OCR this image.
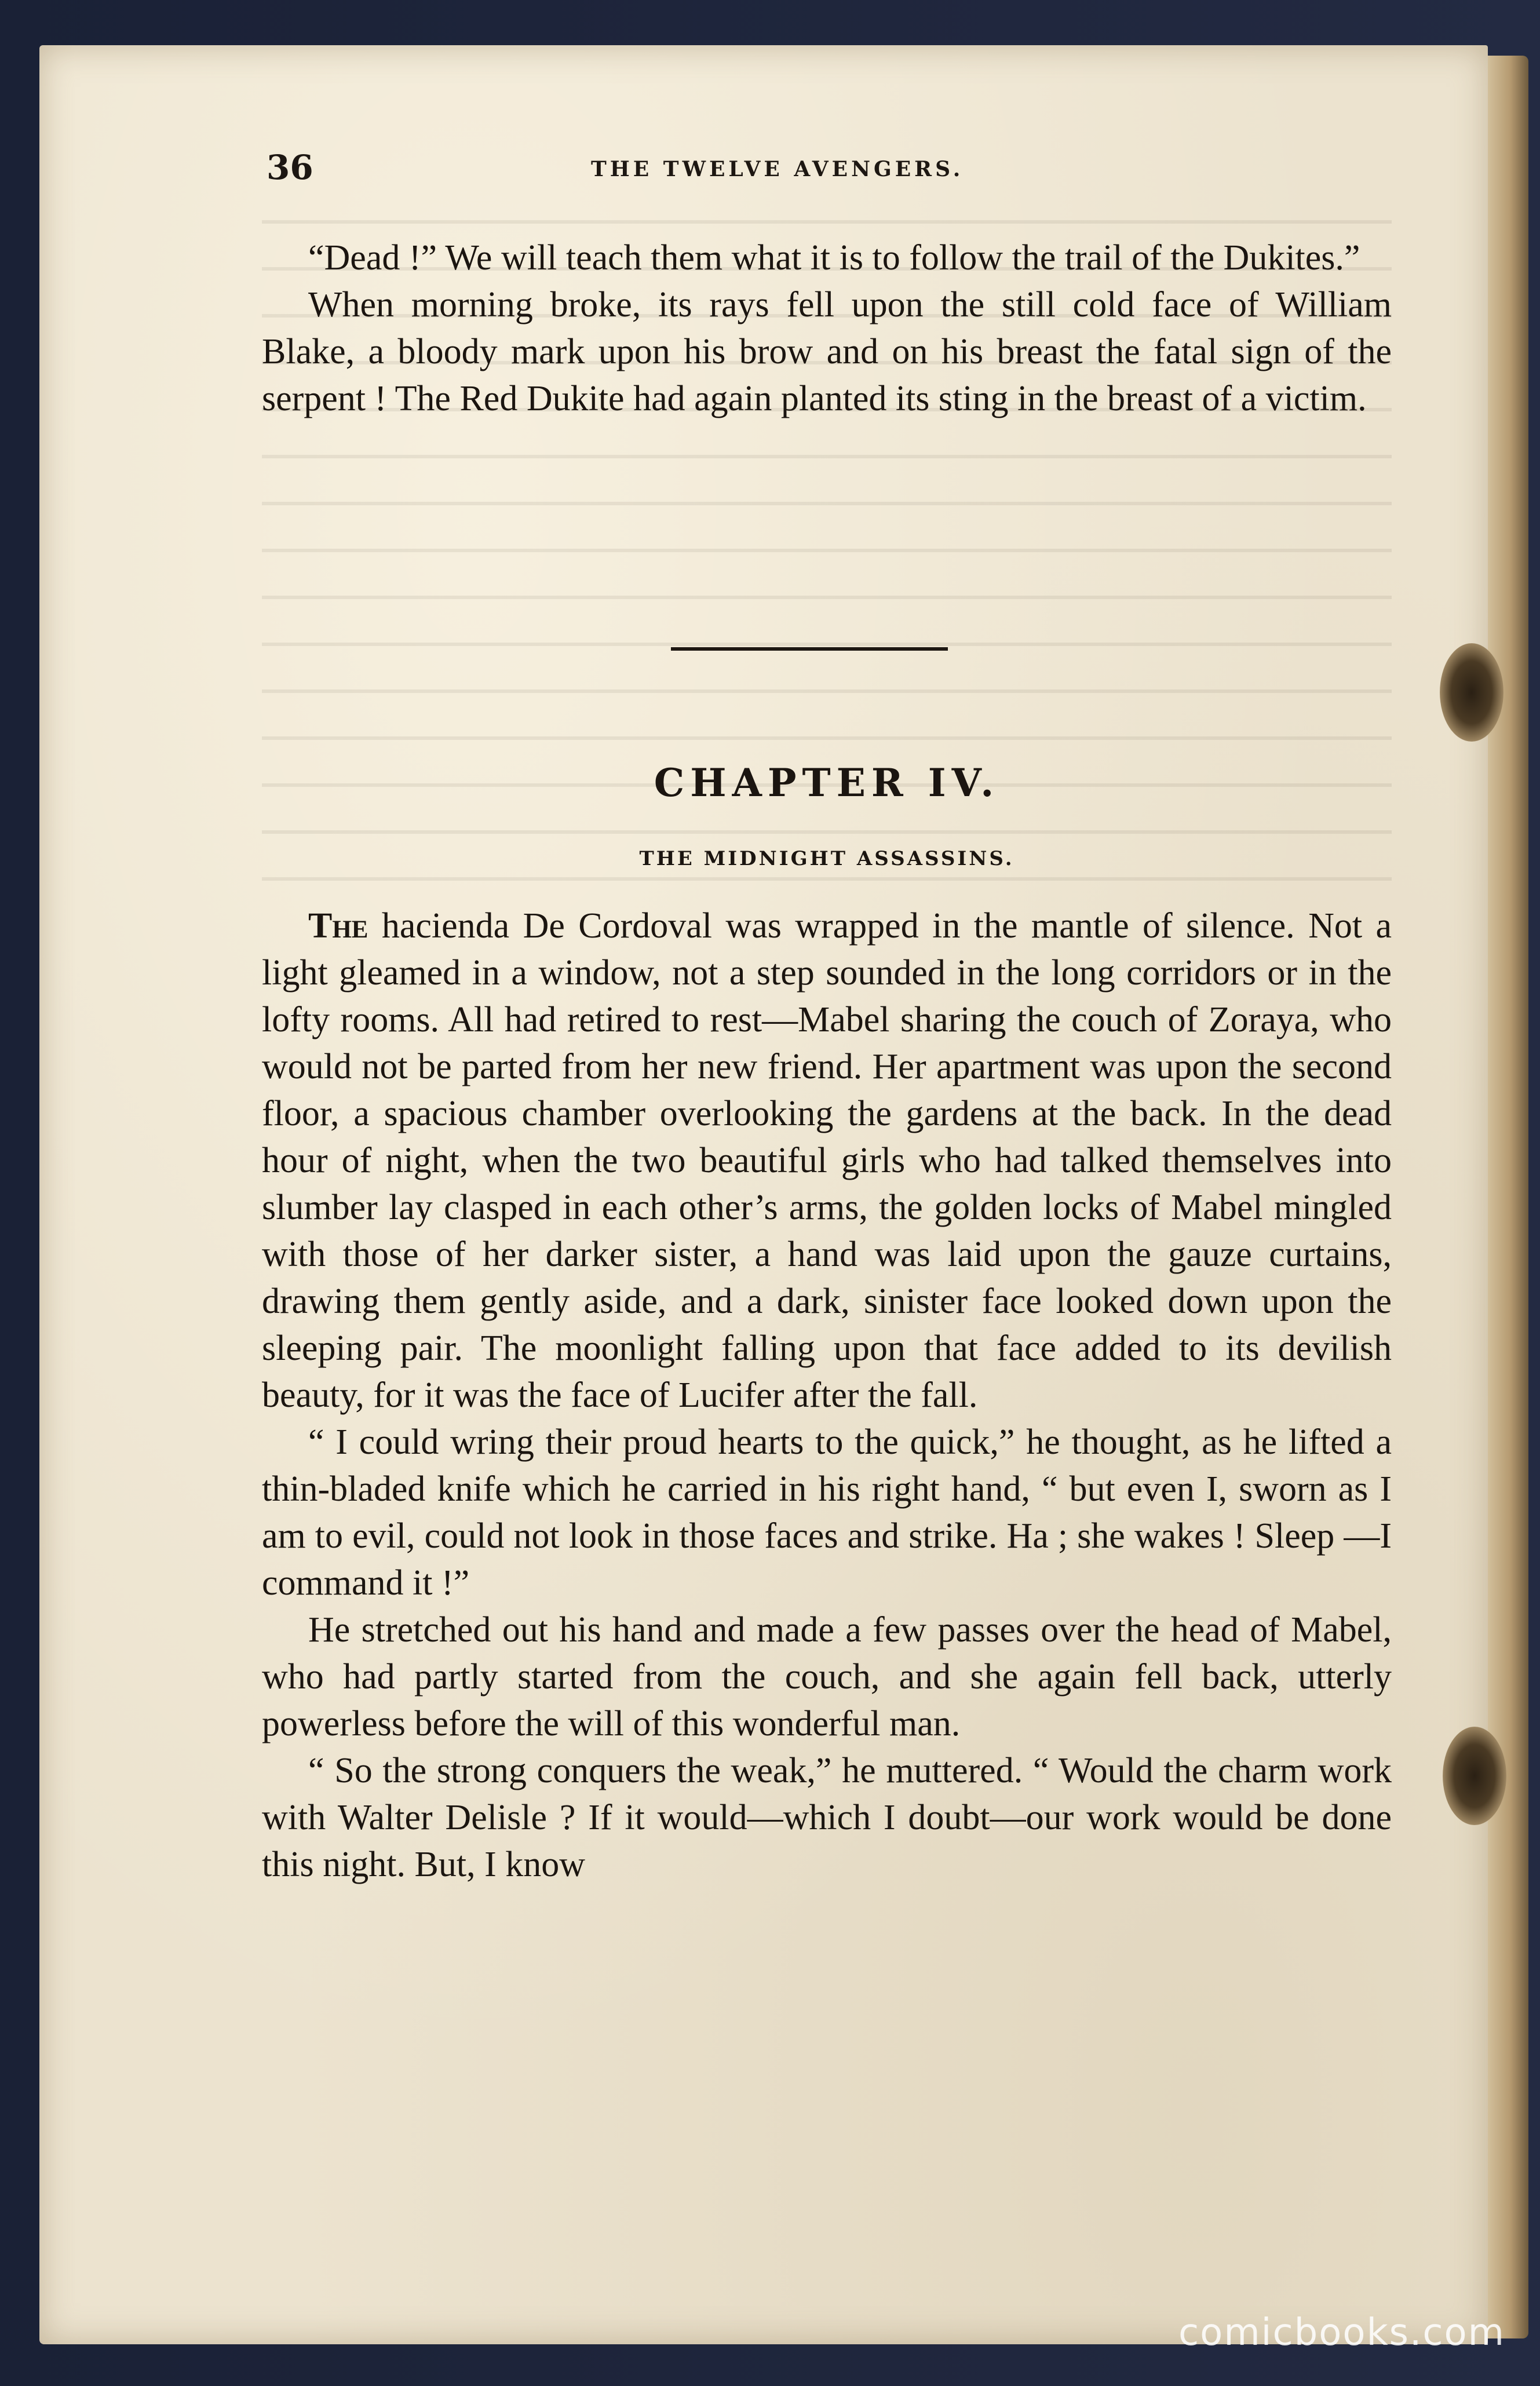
36	THE TWELVE AVENGERS.

“Dead !” We will teach them what it is to follow the trail of the Dukites.”

When morning broke, its rays fell upon the still cold face of William Blake, a bloody mark upon his brow and on his breast the fatal sign of the serpent ! The Red Dukite had again planted its sting in the breast of a victim.

CHAPTER IV.
THE MIDNIGHT ASSASSINS.

The hacienda De Cordoval was wrapped in the mantle of silence. Not a light gleamed in a window, not a step sounded in the long corridors or in the lofty rooms. All had retired to rest—Mabel sharing the couch of Zoraya, who would not be parted from her new friend. Her apartment was upon the second floor, a spacious chamber overlooking the gardens at the back. In the dead hour of night, when the two beautiful girls who had talked themselves into slumber lay clasped in each other’s arms, the golden locks of Mabel mingled with those of her darker sister, a hand was laid upon the gauze curtains, drawing them gently aside, and a dark, sinister face looked down upon the sleeping pair. The moonlight falling upon that face added to its devilish beauty, for it was the face of Lucifer after the fall.

“ I could wring their proud hearts to the quick,” he thought, as he lifted a thin-bladed knife which he carried in his right hand, “ but even I, sworn as I am to evil, could not look in those faces and strike. Ha ; she wakes ! Sleep —I command it !”

He stretched out his hand and made a few passes over the head of Mabel, who had partly started from the couch, and she again fell back, utterly powerless before the will of this wonderful man.

“ So the strong conquers the weak,” he muttered. “ Would the charm work with Walter Delisle ? If it would—which I doubt—our work would be done this night. But, I know

comicbooks.com
